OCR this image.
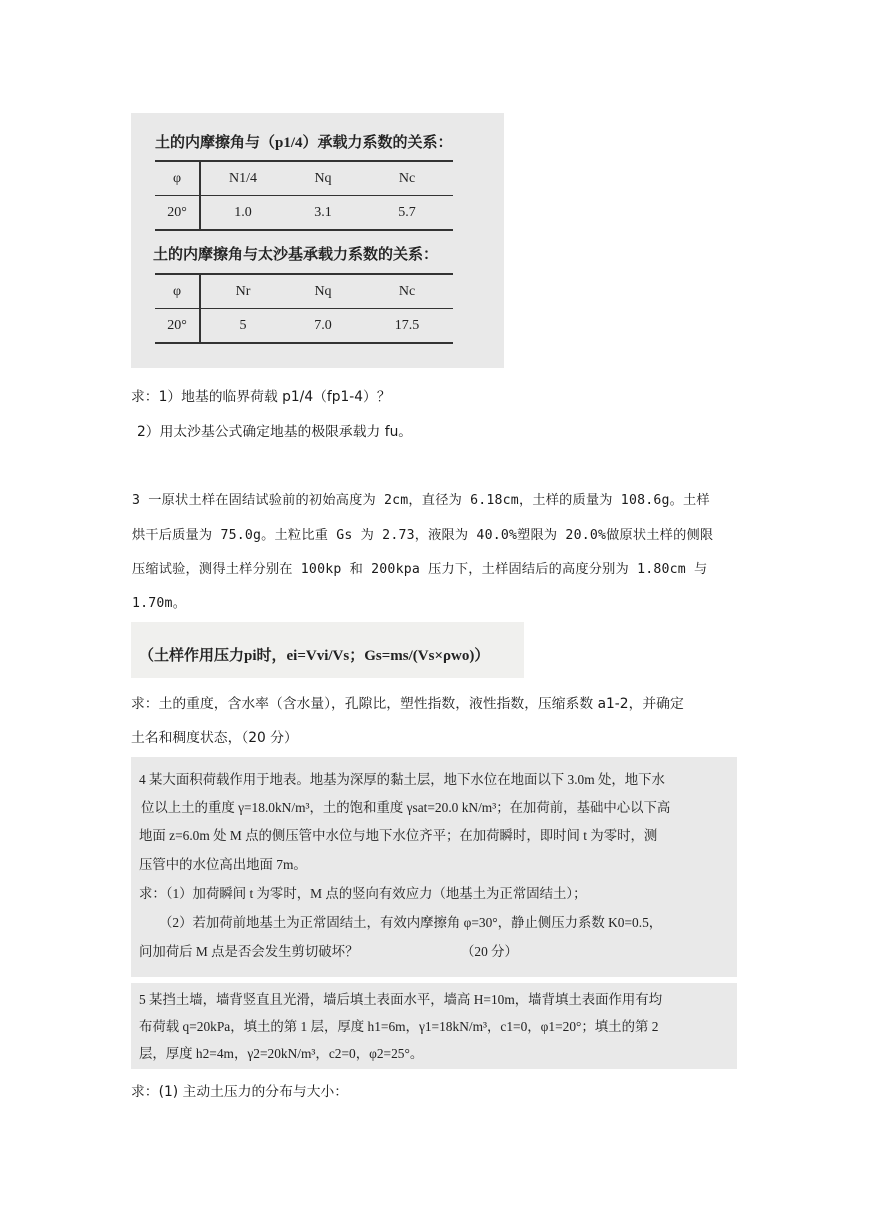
土的内摩擦角与（p1/4）承载力系数的关系：
φ	N1/4	Nq	Nc
20°	1.0	3.1	5.7
土的内摩擦角与太沙基承载力系数的关系：
φ	Nr	Nq	Nc
20°	5	7.0	17.5
求：1）地基的临界荷载 p1/4（fp1-4）？
2）用太沙基公式确定地基的极限承载力 fu。
3 一原状土样在固结试验前的初始高度为 2cm，直径为 6.18cm，土样的质量为 108.6g。土样
烘干后质量为 75.0g。土粒比重 Gs 为 2.73，液限为 40.0%塑限为 20.0%做原状土样的侧限
压缩试验，测得土样分别在 100kp 和 200kpa 压力下，土样固结后的高度分别为 1.80cm 与
1.70m。
（土样作用压力pi时，ei=Vvi/Vs；Gs=ms/(Vs×ρwo)）
求：土的重度，含水率（含水量），孔隙比，塑性指数，液性指数，压缩系数 a1-2，并确定
土名和稠度状态，（20 分）
4 某大面积荷载作用于地表。地基为深厚的黏土层，地下水位在地面以下 3.0m 处，地下水
位以上土的重度 γ=18.0kN/m³，土的饱和重度 γsat=20.0 kN/m³；在加荷前，基础中心以下高
地面 z=6.0m 处 M 点的侧压管中水位与地下水位齐平；在加荷瞬时，即时间 t 为零时，测
压管中的水位高出地面 7m。
求：（1）加荷瞬间 t 为零时，M 点的竖向有效应力（地基土为正常固结土）；
（2）若加荷前地基土为正常固结土，有效内摩擦角 φ=30°，静止侧压力系数 K0=0.5，
问加荷后 M 点是否会发生剪切破坏？	（20 分）
5 某挡土墙，墙背竖直且光滑，墙后填土表面水平，墙高 H=10m，墙背填土表面作用有均
布荷载 q=20kPa，填土的第 1 层，厚度 h1=6m，γ1=18kN/m³，c1=0，φ1=20°；填土的第 2
层，厚度 h2=4m，γ2=20kN/m³，c2=0，φ2=25°。
求：(1) 主动土压力的分布与大小：
